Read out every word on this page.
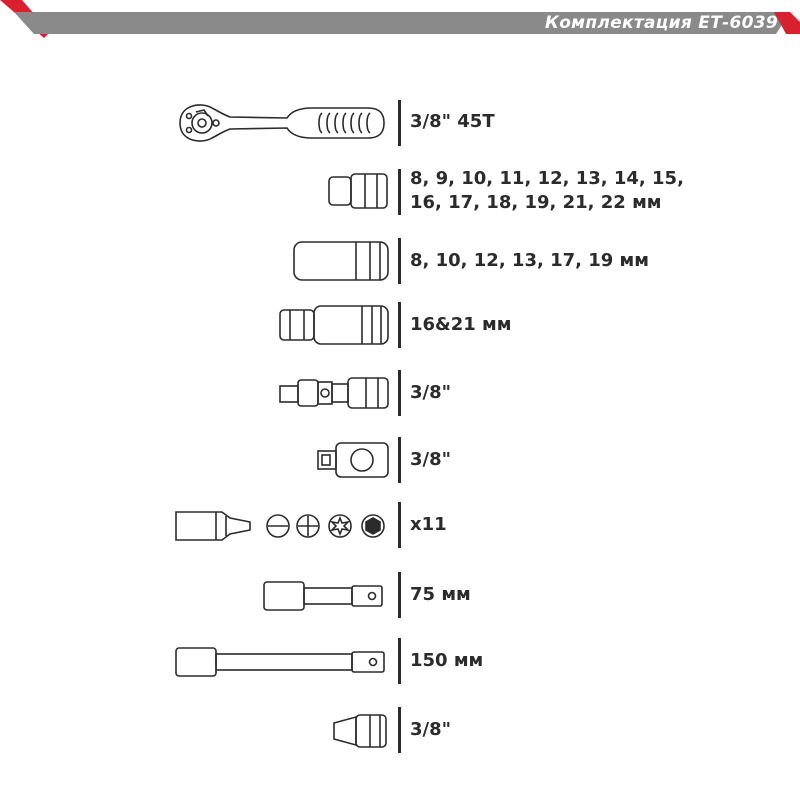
Комплектация ЕТ-6039
3/8" 45T
8, 9, 10, 11, 12, 13, 14, 15,
16, 17, 18, 19, 21, 22 мм
8, 10, 12, 13, 17, 19 мм
16&21 мм
3/8"
3/8"
x11
75 мм
150 мм
3/8"
